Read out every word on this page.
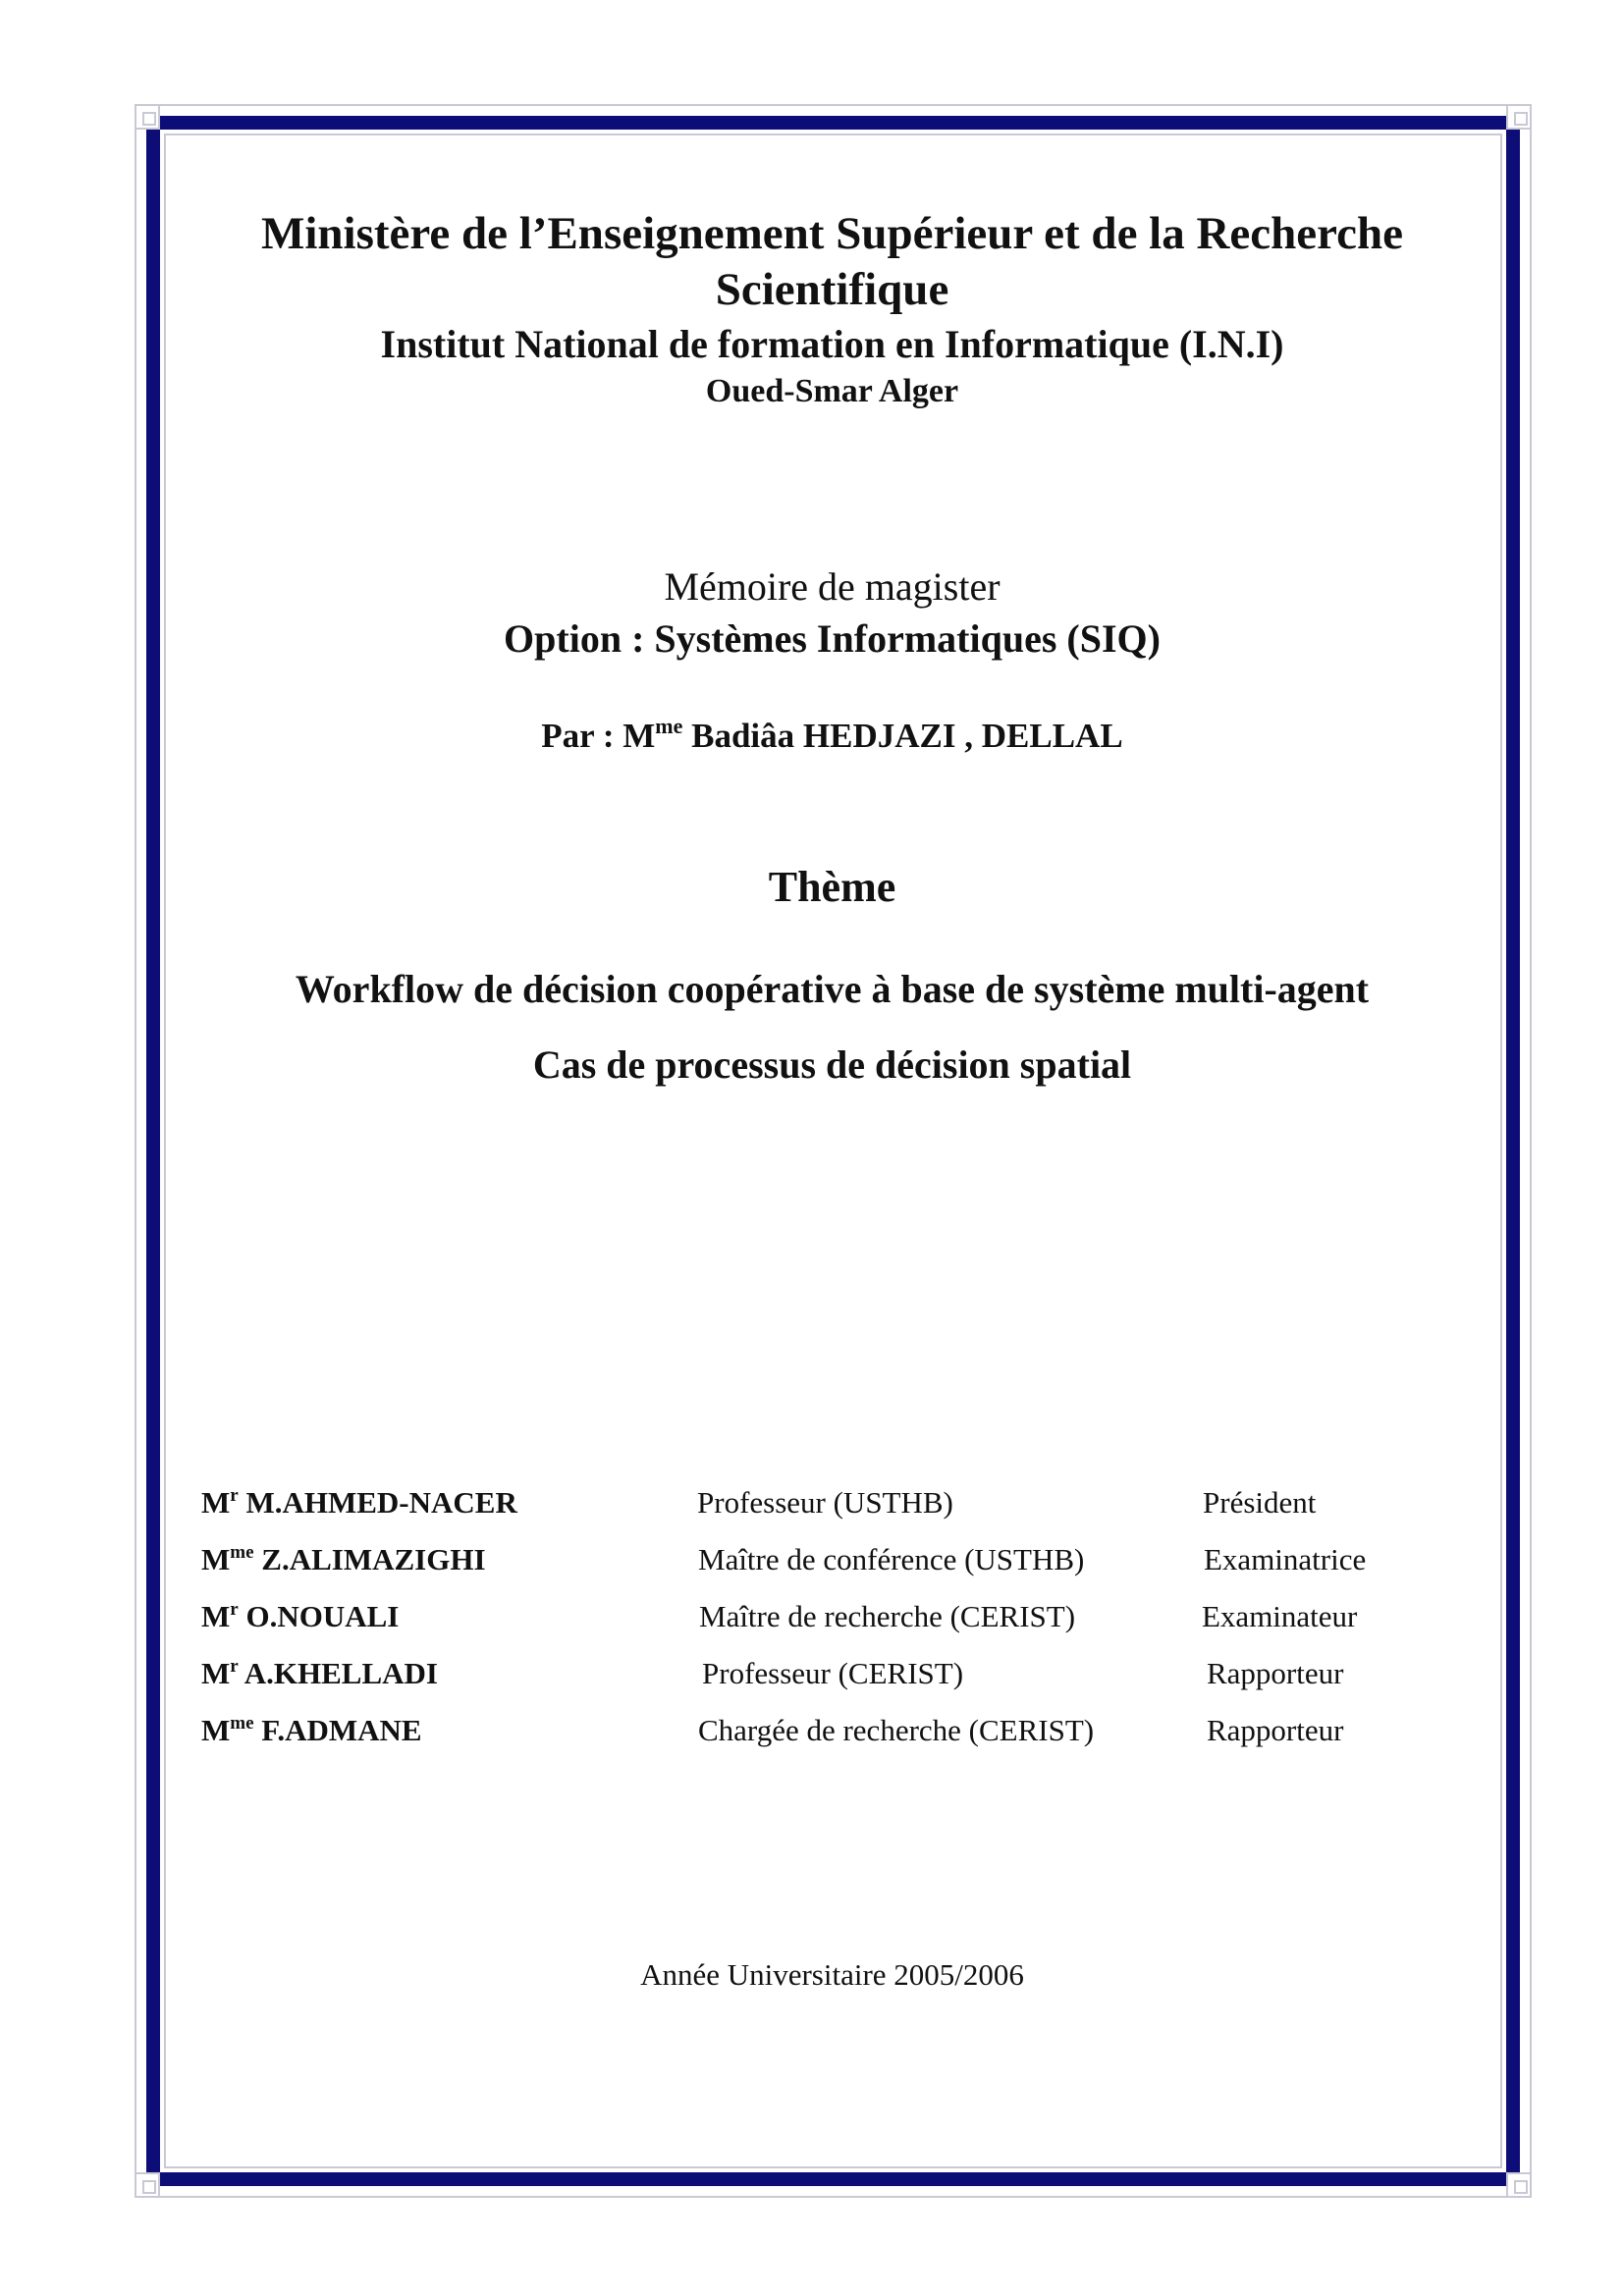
Ministère de l’Enseignement Supérieur et de la Recherche Scientifique
Institut National de formation en Informatique (I.N.I)
Oued-Smar Alger
Mémoire de magister
Option : Systèmes Informatiques (SIQ)
Par : $M^{me}$ Badiâa HEDJAZI , DELLAL
Thème
Workflow de décision coopérative à base de système multi-agent
Cas de processus de décision spatial
$M^r$ M.AHMED-NACER	Professeur (USTHB)	Président
$M^{me}$ Z.ALIMAZIGHI	Maître de conférence (USTHB)	Examinatrice
$M^r$ O.NOUALI	Maître de recherche (CERIST)	Examinateur
$M^r$ A.KHELLADI	Professeur (CERIST)	Rapporteur
$M^{me}$ F.ADMANE	Chargée de recherche (CERIST)	Rapporteur
Année Universitaire 2005/2006
